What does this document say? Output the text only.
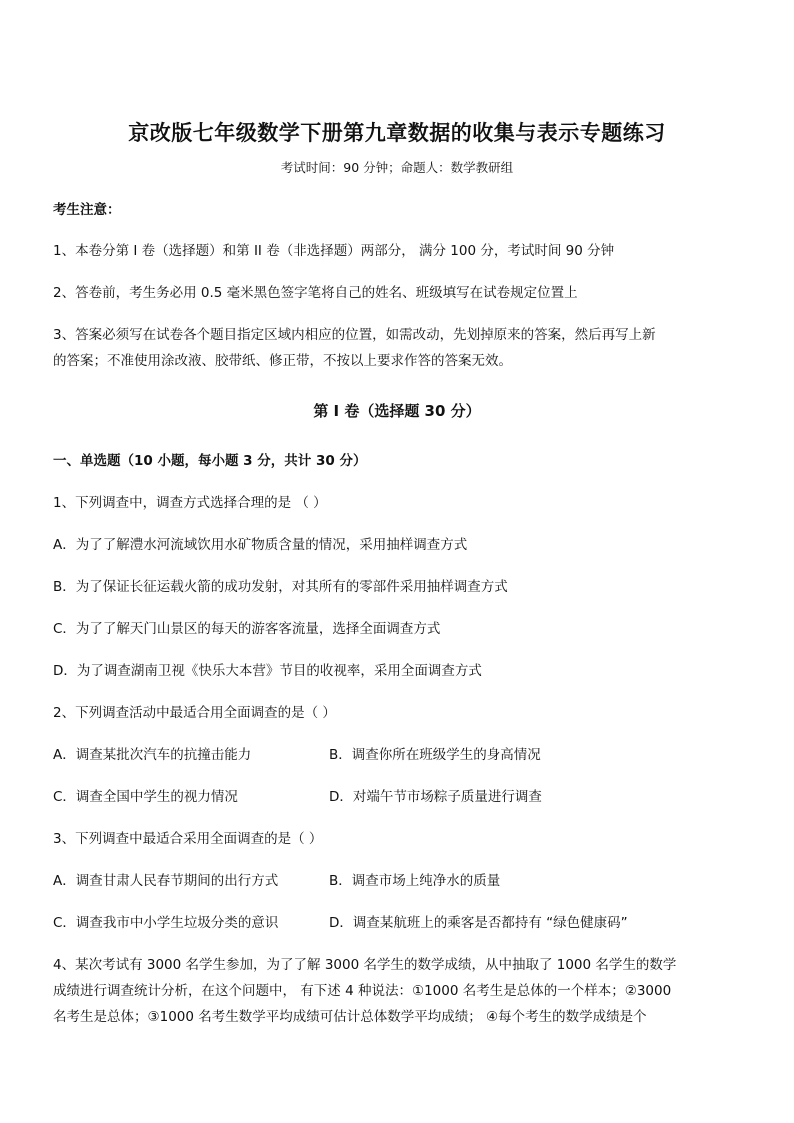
京改版七年级数学下册第九章数据的收集与表示专题练习
考试时间：90 分钟；命题人：数学教研组
考生注意：
1、本卷分第 I 卷（选择题）和第 II 卷（非选择题）两部分， 满分 100 分，考试时间 90 分钟
2、答卷前，考生务必用 0.5 毫米黑色签字笔将自己的姓名、班级填写在试卷规定位置上
3、答案必须写在试卷各个题目指定区域内相应的位置，如需改动，先划掉原来的答案，然后再写上新
的答案；不准使用涂改液、胶带纸、修正带，不按以上要求作答的答案无效。
第 I 卷（选择题 30 分）
一、单选题（10 小题，每小题 3 分，共计 30 分）
1、下列调查中，调查方式选择合理的是 （ ）
A．为了了解澧水河流域饮用水矿物质含量的情况，采用抽样调查方式
B．为了保证长征运载火箭的成功发射，对其所有的零部件采用抽样调查方式
C．为了了解天门山景区的每天的游客客流量，选择全面调查方式
D．为了调查湖南卫视《快乐大本营》节目的收视率，采用全面调查方式
2、下列调查活动中最适合用全面调查的是（ ）
A．调查某批次汽车的抗撞击能力	B．调查你所在班级学生的身高情况
C．调查全国中学生的视力情况	D．对端午节市场粽子质量进行调查
3、下列调查中最适合采用全面调查的是（ ）
A．调查甘肃人民春节期间的出行方式	B．调查市场上纯净水的质量
C．调查我市中小学生垃圾分类的意识	D．调查某航班上的乘客是否都持有 “绿色健康码”
4、某次考试有 3000 名学生参加，为了了解 3000 名学生的数学成绩，从中抽取了 1000 名学生的数学
成绩进行调查统计分析，在这个问题中， 有下述 4 种说法：①1000 名考生是总体的一个样本；②3000
名考生是总体；③1000 名考生数学平均成绩可估计总体数学平均成绩； ④每个考生的数学成绩是个
